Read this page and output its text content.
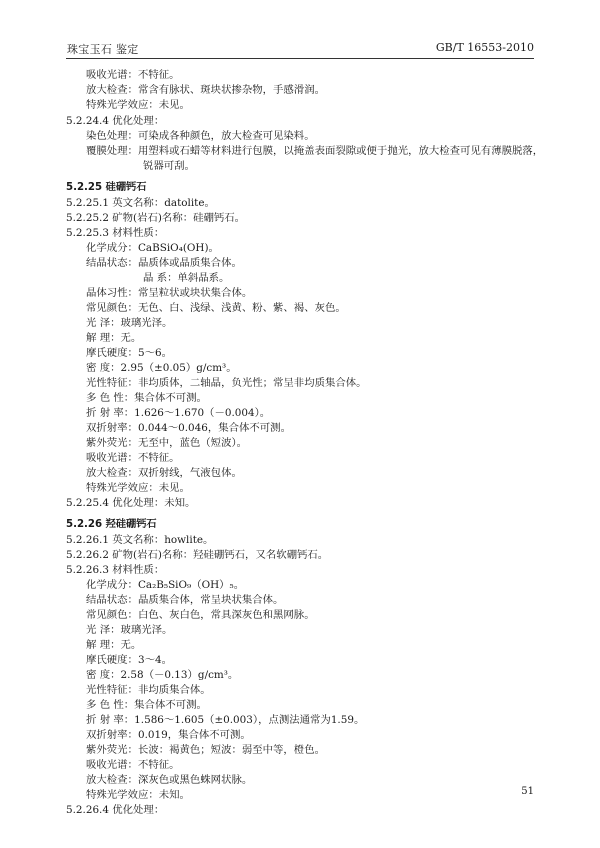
珠宝玉石 鉴定	GB/T 16553-2010
吸收光谱：不特征。
放大检查：常含有脉状、斑块状掺杂物，手感滑润。
特殊光学效应：未见。
5.2.24.4 优化处理：
染色处理：可染成各种颜色，放大检查可见染料。
覆膜处理：用塑料或石蜡等材料进行包膜，以掩盖表面裂隙或便于抛光，放大检查可见有薄膜脱落，
锐器可刮。
5.2.25 硅硼钙石
5.2.25.1 英文名称：datolite。
5.2.25.2 矿物(岩石)名称：硅硼钙石。
5.2.25.3 材料性质：
化学成分：CaBSiO₄(OH)。
结晶状态：晶质体或晶质集合体。
晶 系：单斜晶系。
晶体习性：常呈粒状或块状集合体。
常见颜色：无色、白、浅绿、浅黄、粉、紫、褐、灰色。
光 泽：玻璃光泽。
解 理：无。
摩氏硬度：5～6。
密 度：2.95（±0.05）g/cm³。
光性特征：非均质体，二轴晶，负光性；常呈非均质集合体。
多 色 性：集合体不可测。
折 射 率：1.626～1.670（－0.004）。
双折射率：0.044～0.046，集合体不可测。
紫外荧光：无至中，蓝色（短波）。
吸收光谱：不特征。
放大检查：双折射线，气液包体。
特殊光学效应：未见。
5.2.25.4 优化处理：未知。
5.2.26 羟硅硼钙石
5.2.26.1 英文名称：howlite。
5.2.26.2 矿物(岩石)名称：羟硅硼钙石，又名软硼钙石。
5.2.26.3 材料性质：
化学成分：Ca₂B₅SiO₉（OH）₅。
结晶状态：晶质集合体，常呈块状集合体。
常见颜色：白色、灰白色，常具深灰色和黑网脉。
光 泽：玻璃光泽。
解 理：无。
摩氏硬度：3～4。
密 度：2.58（－0.13）g/cm³。
光性特征：非均质集合体。
多 色 性：集合体不可测。
折 射 率：1.586～1.605（±0.003），点测法通常为1.59。
双折射率：0.019，集合体不可测。
紫外荧光：长波：褐黄色；短波：弱至中等，橙色。
吸收光谱：不特征。
放大检查：深灰色或黑色蛛网状脉。
特殊光学效应：未知。
5.2.26.4 优化处理：
51
